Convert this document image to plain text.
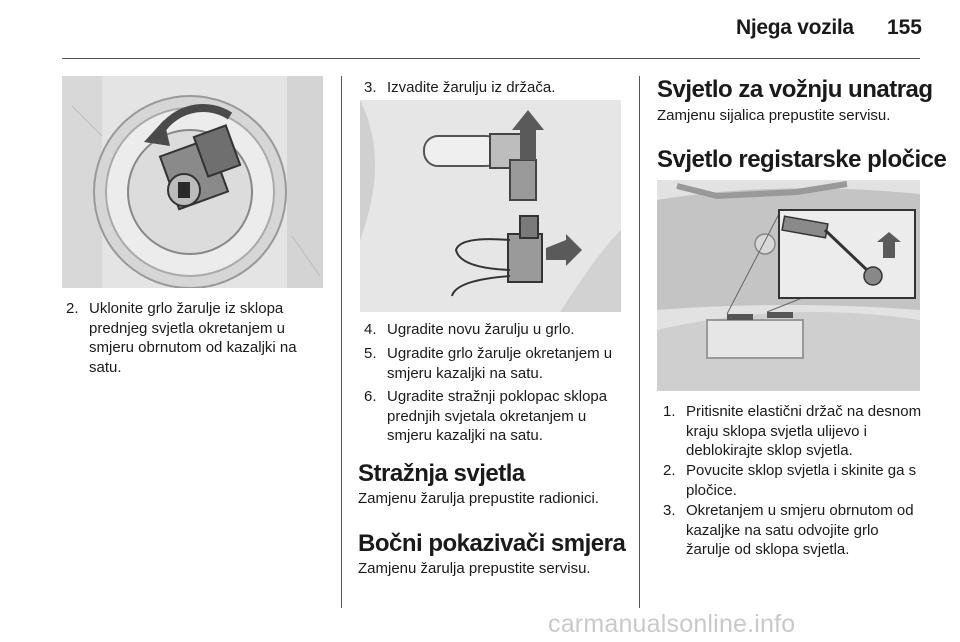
Njega vozila 155
2. Uklonite grlo žarulje iz sklopa prednjeg svjetla okretanjem u smjeru obrnutom od kazaljki na satu.
3. Izvadite žarulju iz držača.
4. Ugradite novu žarulju u grlo.
5. Ugradite grlo žarulje okretanjem u smjeru kazaljki na satu.
6. Ugradite stražnji poklopac sklopa prednjih svjetala okretanjem u smjeru kazaljki na satu.
Stražnja svjetla
Zamjenu žarulja prepustite radionici.
Bočni pokazivači smjera
Zamjenu žarulja prepustite servisu.
Svjetlo za vožnju unatrag
Zamjenu sijalica prepustite servisu.
Svjetlo registarske pločice
1. Pritisnite elastični držač na desnom kraju sklopa svjetla ulijevo i deblokirajte sklop svjetla.
2. Povucite sklop svjetla i skinite ga s pločice.
3. Okretanjem u smjeru obrnutom od kazaljke na satu odvojite grlo žarulje od sklopa svjetla.
carmanualsonline.info
